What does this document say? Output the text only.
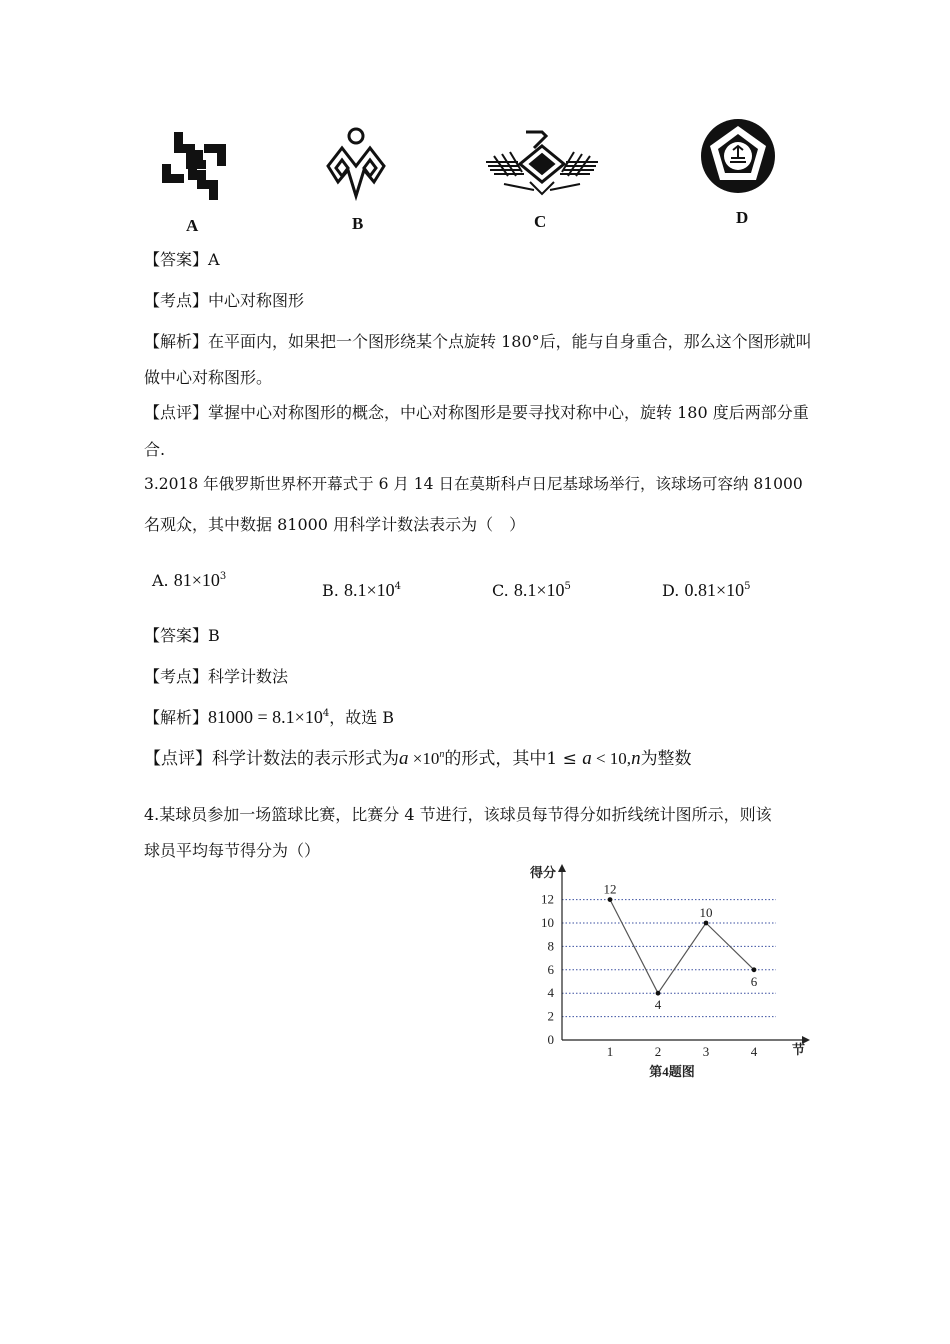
A	B	C	D
【答案】A
【考点】中心对称图形
【解析】在平面内，如果把一个图形绕某个点旋转 180°后，能与自身重合，那么这个图形就叫
做中心对称图形。
【点评】掌握中心对称图形的概念，中心对称图形是要寻找对称中心，旋转 180 度后两部分重
合.
3.2018 年俄罗斯世界杯开幕式于 6 月 14 日在莫斯科卢日尼基球场举行，该球场可容纳 81000
名观众，其中数据 81000 用科学计数法表示为（　）
A. $81\times 10^3$
B. $8.1\times 10^4$	C. $8.1\times 10^5$	D. $0.81\times 10^5$
【答案】B
【考点】科学计数法
【解析】$81000 = 8.1\times 10^4$，故选 B
【点评】科学计数法的表示形式为$a \times 10^n$的形式，其中1 ≤ a < 10,n为整数
4.某球员参加一场篮球比赛，比赛分 4 节进行，该球员每节得分如折线统计图所示，则该
球员平均每节得分为（）
0
2
4
6
8
10
12
得分
节
1	2	3	4
12
4
10
6
第4题图
